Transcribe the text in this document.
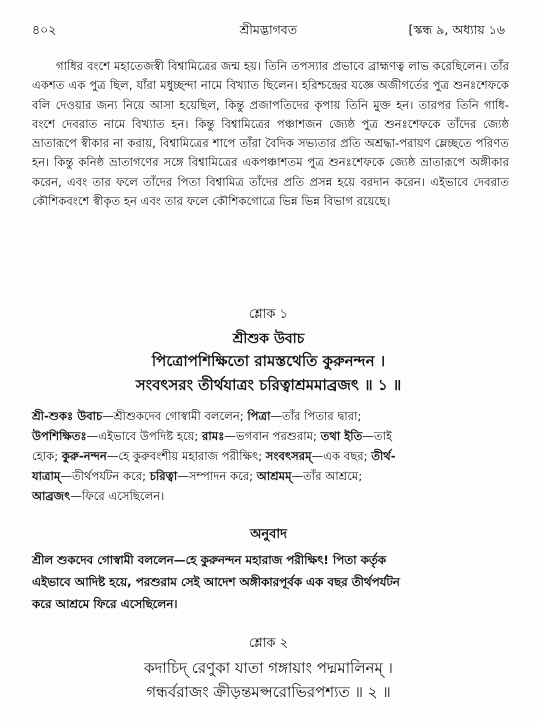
৪০২	শ্রীমদ্ভাগবত	[স্কন্ধ ৯, অধ্যায় ১৬
গাধির বংশে মহাতেজস্বী বিশ্বামিত্রের জন্ম হয়। তিনি তপস্যার প্রভাবে ব্রাহ্মণত্ব লাভ করেছিলেন। তাঁর একশত এক পুত্র ছিল, যাঁরা মধুচ্ছন্দা নামে বিখ্যাত ছিলেন। হরিশ্চন্দ্রের যজ্ঞে অজীগর্তের পুত্র শুনঃশেফকে বলি দেওয়ার জন্য নিয়ে আসা হয়েছিল, কিন্তু প্রজাপতিদের কৃপায় তিনি মুক্ত হন। তারপর তিনি গাধি- বংশে দেবরাত নামে বিখ্যাত হন। কিন্তু বিশ্বামিত্রের পঞ্চাশজন জ্যেষ্ঠ পুত্র শুনঃশেফকে তাঁদের জ্যেষ্ঠ ভ্রাতারূপে স্বীকার না করায়, বিশ্বামিত্রের শাপে তাঁরা বৈদিক সভ্যতার প্রতি অশ্রদ্ধা-পরায়ণ ম্লেচ্ছতে পরিণত হন। কিন্তু কনিষ্ঠ ভ্রাতাগণের সঙ্গে বিশ্বামিত্রের একপঞ্চাশতম পুত্র শুনঃশেফকে জ্যেষ্ঠ ভ্রাতারূপে অঙ্গীকার করেন, এবং তার ফলে তাঁদের পিতা বিশ্বামিত্র তাঁদের প্রতি প্রসন্ন হয়ে বরদান করেন। এইভাবে দেবরাত কৌশিকবংশে স্বীকৃত হন এবং তার ফলে কৌশিকগোত্রে ভিন্ন ভিন্ন বিভাগ রয়েছে।
শ্লোক ১
শ্রীশুক উবাচ
পিত্রোপশিক্ষিতো রামস্তথেতি কুরুনন্দন ।
সংবৎসরং তীর্থযাত্রং চরিত্বাশ্রমমাব্রজৎ ॥ ১ ॥
শ্রী-শুকঃ উবাচ—শ্রীশুকদেব গোস্বামী বললেন; পিত্রা—তাঁর পিতার দ্বারা;
উপশিক্ষিতঃ—এইভাবে উপদিষ্ট হয়ে; রামঃ—ভগবান পরশুরাম; তথা ইতি—তাই
হোক; কুরু-নন্দন—হে কুরুবংশীয় মহারাজ পরীক্ষিৎ; সংবৎসরম্—এক বছর; তীর্থ-
যাত্রাম্—তীর্থপর্যটন করে; চরিত্বা—সম্পাদন করে; আশ্রমম্—তাঁর আশ্রমে;
আব্রজৎ—ফিরে এসেছিলেন।
অনুবাদ
শ্রীল শুকদেব গোস্বামী বললেন—হে কুরুনন্দন মহারাজ পরীক্ষিৎ! পিতা কর্তৃক
এইভাবে আদিষ্ট হয়ে, পরশুরাম সেই আদেশ অঙ্গীকারপূর্বক এক বছর তীর্থপর্যটন
করে আশ্রমে ফিরে এসেছিলেন।
শ্লোক ২
কদাচিদ্‌ রেণুকা যাতা গঙ্গায়াং পদ্মমালিনম্‌ ।
গন্ধর্বরাজং ক্রীড়ন্তমপ্সরোভিরপশ্যত ॥ ২ ॥
